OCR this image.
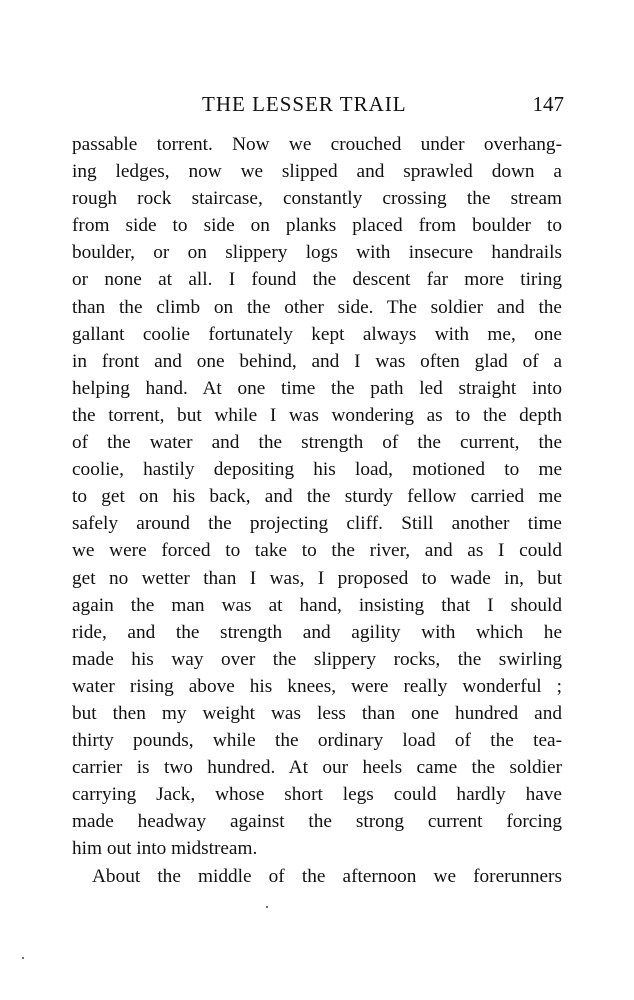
THE LESSER TRAIL	147
passable torrent. Now we crouched under overhang-
ing ledges, now we slipped and sprawled down a
rough rock staircase, constantly crossing the stream
from side to side on planks placed from boulder to
boulder, or on slippery logs with insecure handrails
or none at all. I found the descent far more tiring
than the climb on the other side. The soldier and the
gallant coolie fortunately kept always with me, one
in front and one behind, and I was often glad of a
helping hand. At one time the path led straight into
the torrent, but while I was wondering as to the depth
of the water and the strength of the current, the
coolie, hastily depositing his load, motioned to me
to get on his back, and the sturdy fellow carried me
safely around the projecting cliff. Still another time
we were forced to take to the river, and as I could
get no wetter than I was, I proposed to wade in, but
again the man was at hand, insisting that I should
ride, and the strength and agility with which he
made his way over the slippery rocks, the swirling
water rising above his knees, were really wonderful ;
but then my weight was less than one hundred and
thirty pounds, while the ordinary load of the tea-
carrier is two hundred. At our heels came the soldier
carrying Jack, whose short legs could hardly have
made headway against the strong current forcing
him out into midstream.
About the middle of the afternoon we forerunners
